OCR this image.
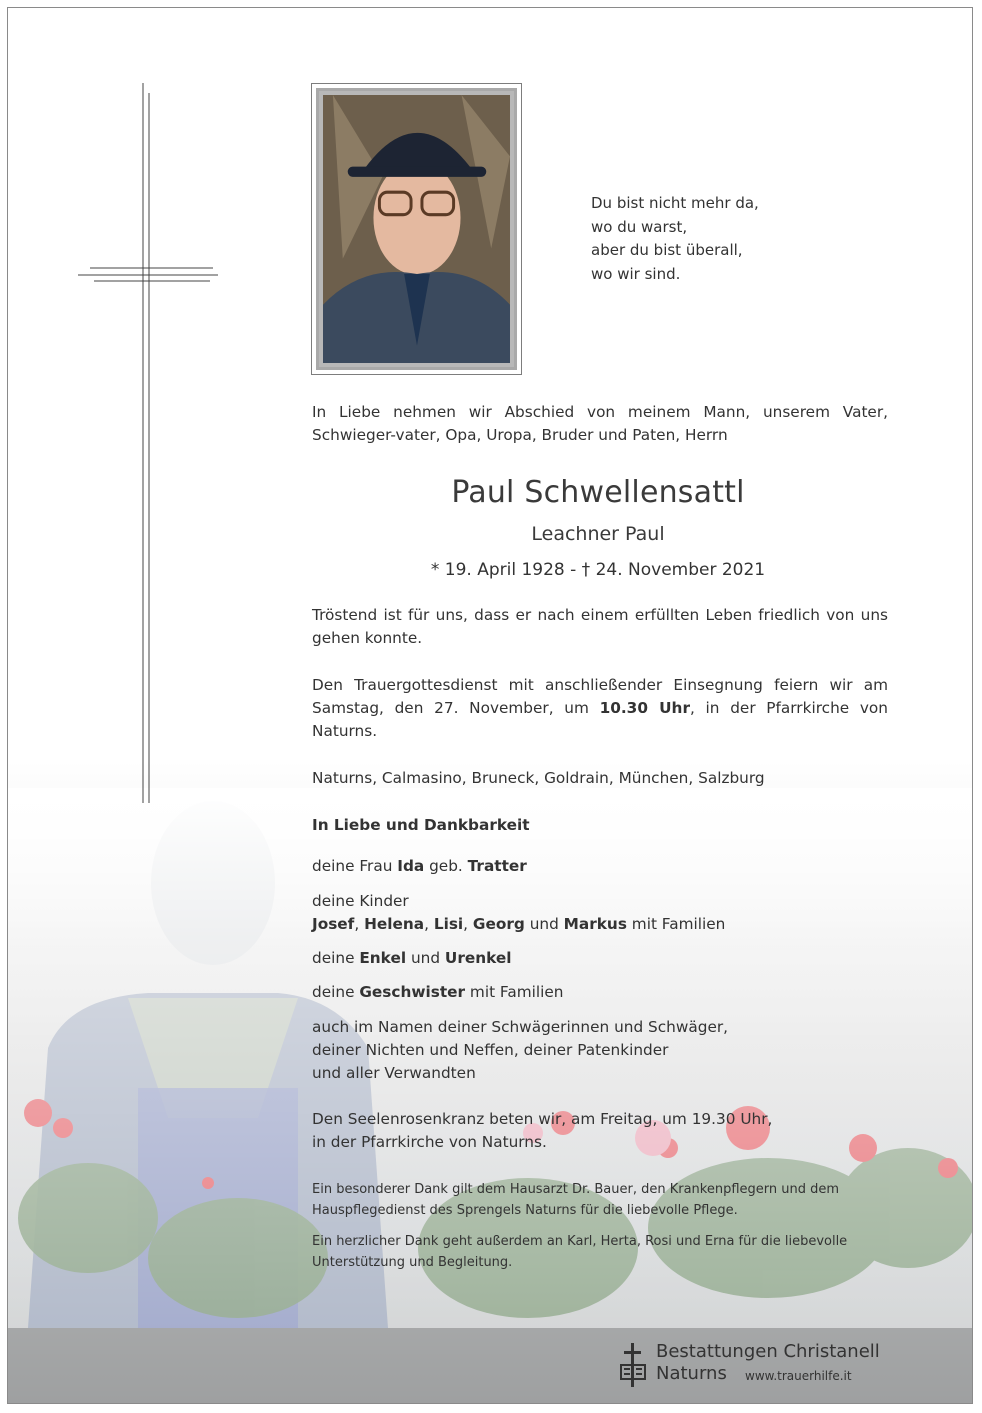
Du bist nicht mehr da,
wo du warst,
aber du bist überall,
wo wir sind.
In Liebe nehmen wir Abschied von meinem Mann, unserem Vater, Schwieger-vater, Opa, Uropa, Bruder und Paten, Herrn
Paul Schwellensattl
Leachner Paul
* 19. April 1928 - † 24. November 2021
Tröstend ist für uns, dass er nach einem erfüllten Leben friedlich von uns gehen konnte.
Den Trauergottesdienst mit anschließender Einsegnung feiern wir am Samstag, den 27. November, um 10.30 Uhr, in der Pfarrkirche von Naturns.
Naturns, Calmasino, Bruneck, Goldrain, München, Salzburg
In Liebe und Dankbarkeit
deine Frau Ida geb. Tratter
deine Kinder
Josef, Helena, Lisi, Georg und Markus mit Familien
deine Enkel und Urenkel
deine Geschwister mit Familien
auch im Namen deiner Schwägerinnen und Schwäger,
deiner Nichten und Neffen, deiner Patenkinder
und aller Verwandten
Den Seelenrosenkranz beten wir, am Freitag, um 19.30 Uhr,
in der Pfarrkirche von Naturns.
Ein besonderer Dank gilt dem Hausarzt Dr. Bauer, den Krankenpflegern und dem Hauspflegedienst des Sprengels Naturns für die liebevolle Pflege.
Ein herzlicher Dank geht außerdem an Karl, Herta, Rosi und Erna für die liebevolle Unterstützung und Begleitung.
Bestattungen Christanell
Naturns www.trauerhilfe.it
